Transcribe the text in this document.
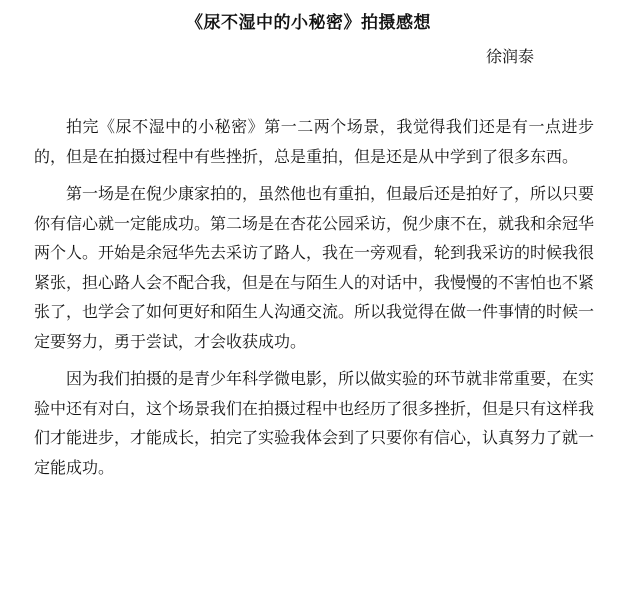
《尿不湿中的小秘密》拍摄感想

徐润泰

拍完《尿不湿中的小秘密》第一二两个场景，我觉得我们还是有一点进步的，但是在拍摄过程中有些挫折，总是重拍，但是还是从中学到了很多东西。

第一场是在倪少康家拍的，虽然他也有重拍，但最后还是拍好了，所以只要你有信心就一定能成功。第二场是在杏花公园采访，倪少康不在，就我和余冠华两个人。开始是余冠华先去采访了路人，我在一旁观看，轮到我采访的时候我很紧张，担心路人会不配合我，但是在与陌生人的对话中，我慢慢的不害怕也不紧张了，也学会了如何更好和陌生人沟通交流。所以我觉得在做一件事情的时候一定要努力，勇于尝试，才会收获成功。

因为我们拍摄的是青少年科学微电影，所以做实验的环节就非常重要，在实验中还有对白，这个场景我们在拍摄过程中也经历了很多挫折，但是只有这样我们才能进步，才能成长，拍完了实验我体会到了只要你有信心，认真努力了就一定能成功。
